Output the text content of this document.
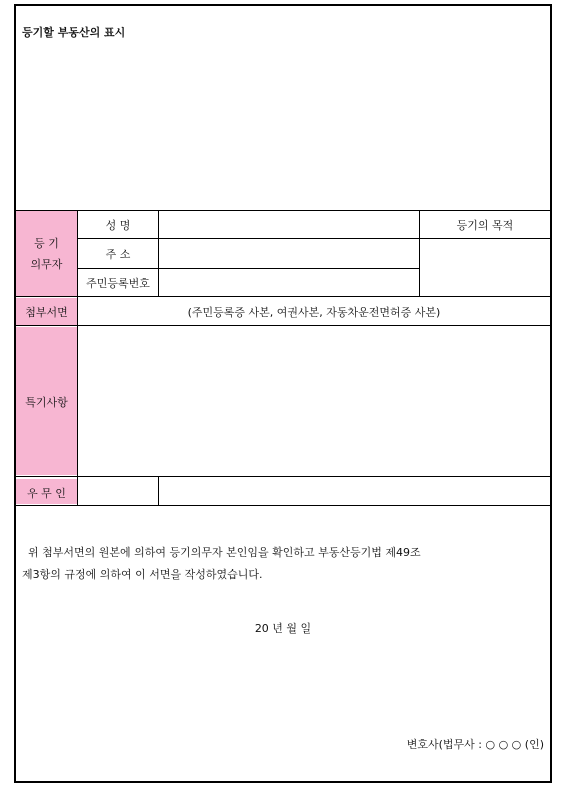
등기할 부동산의 표시
등 기
의무자
성 명
주 소
주민등록번호
등기의 목적
첨부서면	(주민등록증 사본, 여권사본, 자동차운전면허증 사본)
특기사항
우 무 인
위 첨부서면의 원본에 의하여 등기의무자 본인임을 확인하고 부동산등기법 제49조
제3항의 규정에 의하여 이 서면을 작성하였습니다.
20 년 월 일
변호사(법무사 : ○ ○ ○ (인)
